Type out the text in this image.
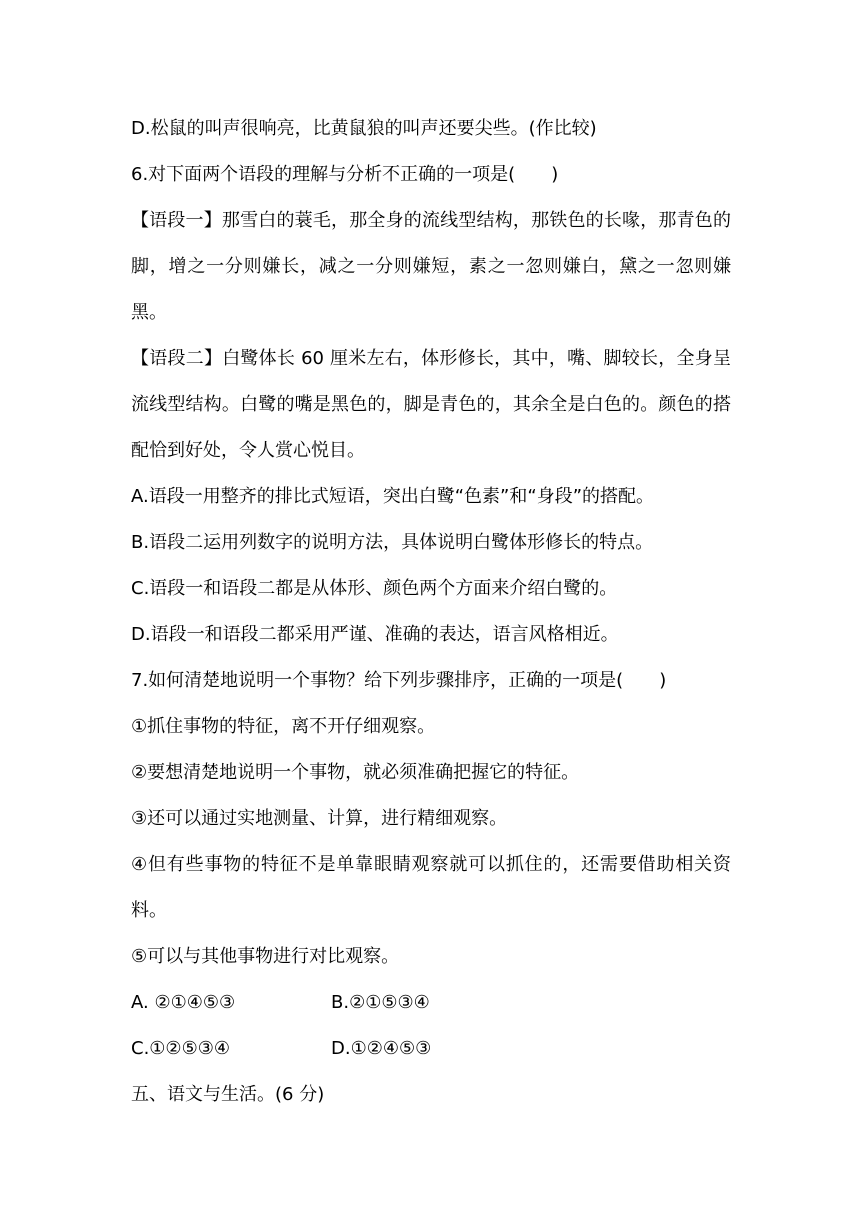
D.松鼠的叫声很响亮，比黄鼠狼的叫声还要尖些。(作比较)

6.对下面两个语段的理解与分析不正确的一项是(　　)

【语段一】那雪白的蓑毛，那全身的流线型结构，那铁色的长喙，那青色的脚，增之一分则嫌长，减之一分则嫌短，素之一忽则嫌白，黛之一忽则嫌黑。

【语段二】白鹭体长 60 厘米左右，体形修长，其中，嘴、脚较长，全身呈流线型结构。白鹭的嘴是黑色的，脚是青色的，其余全是白色的。颜色的搭配恰到好处，令人赏心悦目。

A.语段一用整齐的排比式短语，突出白鹭“色素”和“身段”的搭配。

B.语段二运用列数字的说明方法，具体说明白鹭体形修长的特点。

C.语段一和语段二都是从体形、颜色两个方面来介绍白鹭的。

D.语段一和语段二都采用严谨、准确的表达，语言风格相近。

7.如何清楚地说明一个事物？给下列步骤排序，正确的一项是(　　)

①抓住事物的特征，离不开仔细观察。

②要想清楚地说明一个事物，就必须准确把握它的特征。

③还可以通过实地测量、计算，进行精细观察。

④但有些事物的特征不是单靠眼睛观察就可以抓住的，还需要借助相关资料。

⑤可以与其他事物进行对比观察。

A. ②①④⑤③	B.②①⑤③④
C.①②⑤③④	D.①②④⑤③

五、语文与生活。(6 分)
